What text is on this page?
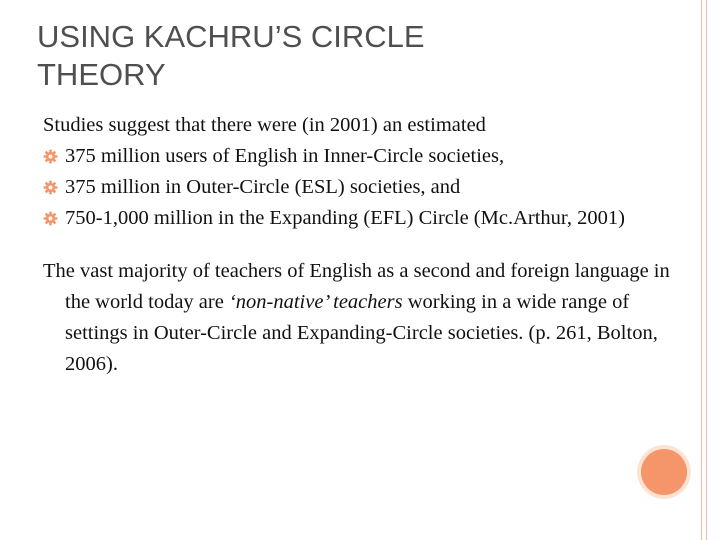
USING KACHRU’S CIRCLE
THEORY
Studies suggest that there were (in 2001) an estimated
375 million users of English in Inner-Circle societies,
375 million in Outer-Circle (ESL) societies, and
750-1,000 million in the Expanding (EFL) Circle (Mc.Arthur, 2001)
The vast majority of teachers of English as a second and foreign language in the world today are ‘non-native’ teachers working in a wide range of settings in Outer-Circle and Expanding-Circle societies. (p. 261, Bolton, 2006).
